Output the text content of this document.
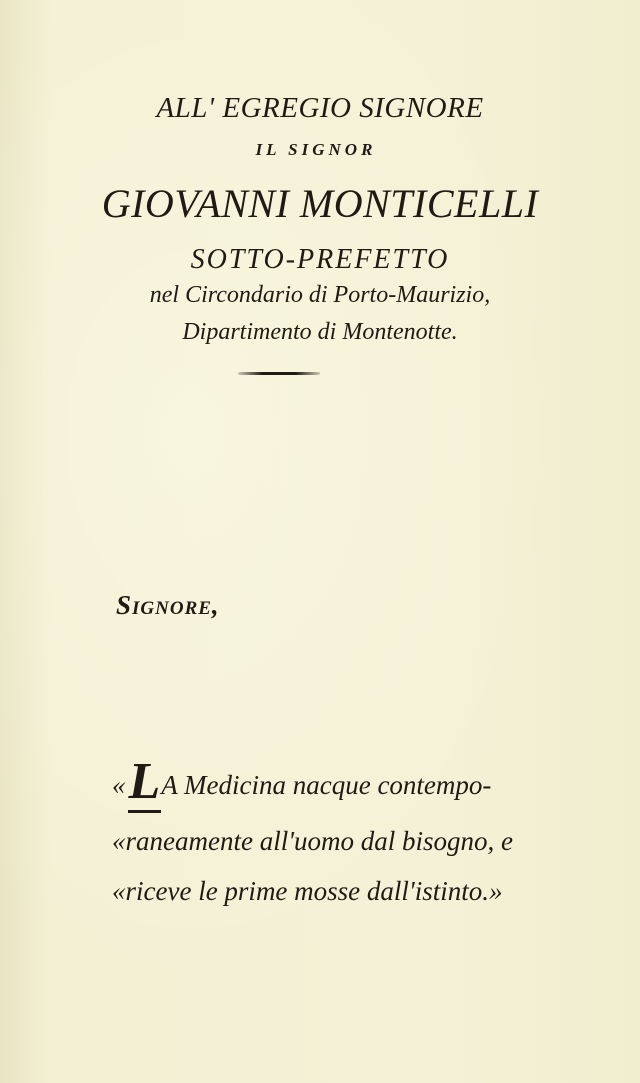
ALL' EGREGIO SIGNORE
IL SIGNOR
GIOVANNI MONTICELLI
SOTTO-PREFETTO
nel Circondario di Porto-Maurizio,
Dipartimento di Montenotte.
Signore,
«LA Medicina nacque contempo-
«raneamente all'uomo dal bisogno, e
«riceve le prime mosse dall'istinto.»
